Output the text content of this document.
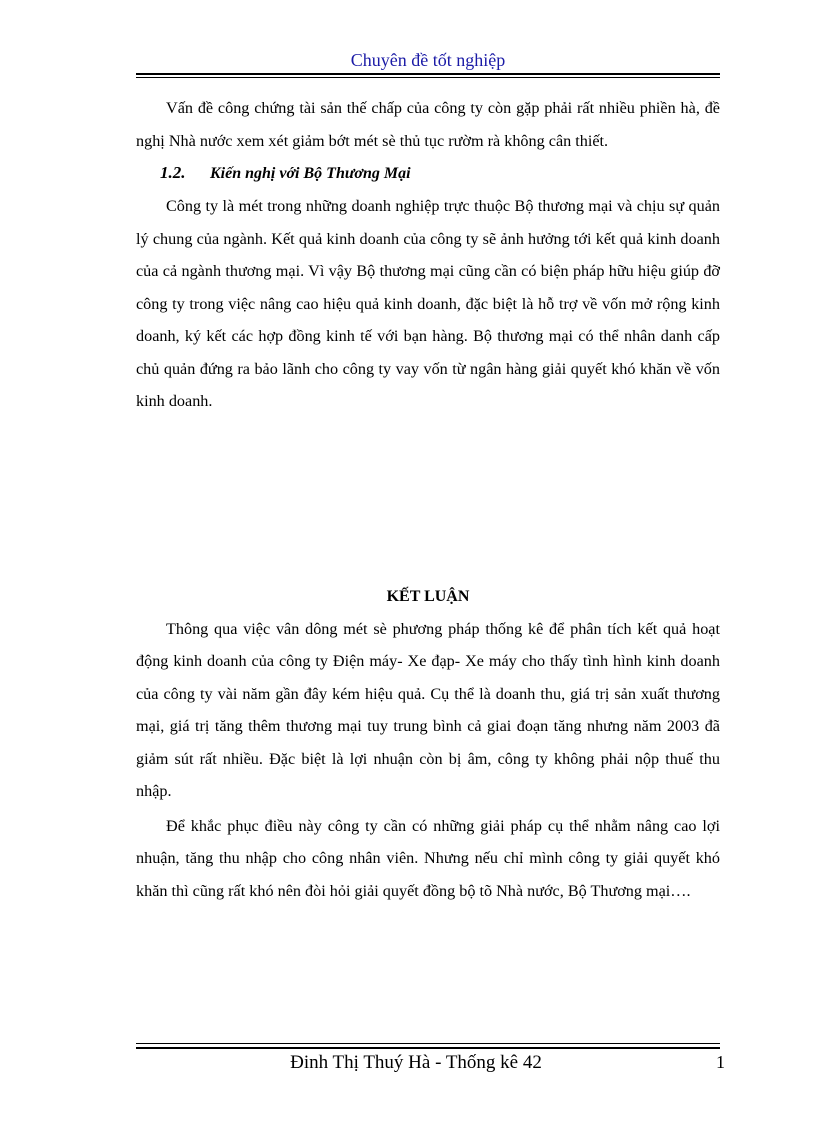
Chuyên đề tốt nghiệp

Vấn đề công chứng tài sản thế chấp của công ty còn gặp phải rất nhiều phiền hà, đề nghị Nhà nước xem xét giảm bớt mét sè thủ tục rườm rà không cân thiết.

1.2. Kiến nghị với Bộ Thương Mại

Công ty là mét trong những doanh nghiệp trực thuộc Bộ thương mại và chịu sự quản lý chung của ngành. Kết quả kinh doanh của công ty sẽ ảnh hưởng tới kết quả kinh doanh của cả ngành thương mại. Vì vậy Bộ thương mại cũng cần có biện pháp hữu hiệu giúp đỡ công ty trong việc nâng cao hiệu quả kinh doanh, đặc biệt là hỗ trợ về vốn mở rộng kinh doanh, ký kết các hợp đồng kinh tế với bạn hàng. Bộ thương mại có thể nhân danh cấp chủ quản đứng ra bảo lãnh cho công ty vay vốn từ ngân hàng giải quyết khó khăn về vốn kinh doanh.

KẾT LUẬN

Thông qua việc vân dông mét sè phương pháp thống kê để phân tích kết quả hoạt động kinh doanh của công ty Điện máy- Xe đạp- Xe máy cho thấy tình hình kinh doanh của công ty vài năm gần đây kém hiệu quả. Cụ thể là doanh thu, giá trị sản xuất thương mại, giá trị tăng thêm thương mại tuy trung bình cả giai đoạn tăng nhưng năm 2003 đã giảm sút rất nhiều. Đặc biệt là lợi nhuận còn bị âm, công ty không phải nộp thuế thu nhập.

Để khắc phục điều này công ty cần có những giải pháp cụ thể nhằm nâng cao lợi nhuận, tăng thu nhập cho công nhân viên. Nhưng nếu chỉ mình công ty giải quyết khó khăn thì cũng rất khó nên đòi hỏi giải quyết đồng bộ tõ Nhà nước, Bộ Thương mại….

Đinh Thị Thuý Hà - Thống kê 42	1
